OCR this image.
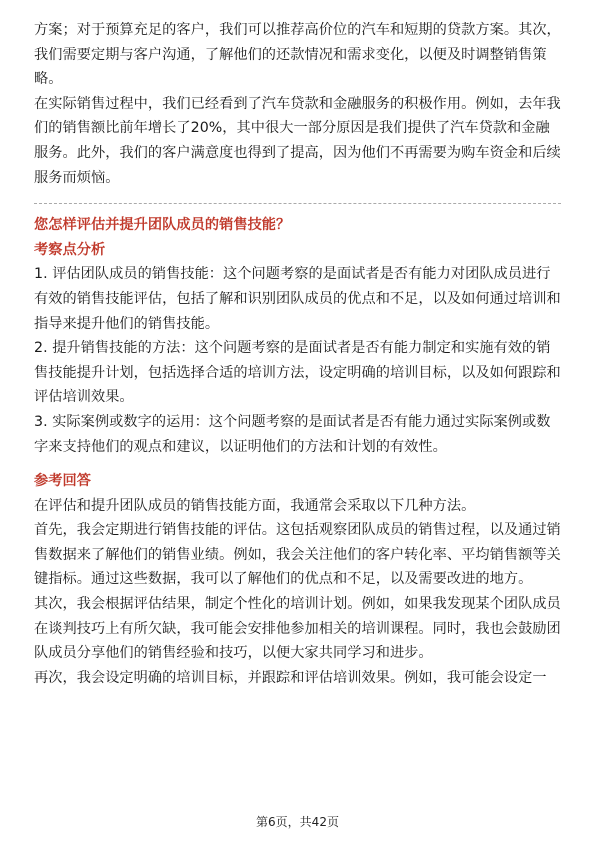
方案；对于预算充足的客户，我们可以推荐高价位的汽车和短期的贷款方案。其次，我们需要定期与客户沟通，了解他们的还款情况和需求变化，以便及时调整销售策略。

在实际销售过程中，我们已经看到了汽车贷款和金融服务的积极作用。例如，去年我们的销售额比前年增长了20%，其中很大一部分原因是我们提供了汽车贷款和金融服务。此外，我们的客户满意度也得到了提高，因为他们不再需要为购车资金和后续服务而烦恼。

您怎样评估并提升团队成员的销售技能？

考察点分析

1. 评估团队成员的销售技能：这个问题考察的是面试者是否有能力对团队成员进行有效的销售技能评估，包括了解和识别团队成员的优点和不足，以及如何通过培训和指导来提升他们的销售技能。

2. 提升销售技能的方法：这个问题考察的是面试者是否有能力制定和实施有效的销售技能提升计划，包括选择合适的培训方法，设定明确的培训目标，以及如何跟踪和评估培训效果。

3. 实际案例或数字的运用：这个问题考察的是面试者是否有能力通过实际案例或数字来支持他们的观点和建议，以证明他们的方法和计划的有效性。

参考回答

在评估和提升团队成员的销售技能方面，我通常会采取以下几种方法。

首先，我会定期进行销售技能的评估。这包括观察团队成员的销售过程，以及通过销售数据来了解他们的销售业绩。例如，我会关注他们的客户转化率、平均销售额等关键指标。通过这些数据，我可以了解他们的优点和不足，以及需要改进的地方。

其次，我会根据评估结果，制定个性化的培训计划。例如，如果我发现某个团队成员在谈判技巧上有所欠缺，我可能会安排他参加相关的培训课程。同时，我也会鼓励团队成员分享他们的销售经验和技巧，以便大家共同学习和进步。

再次，我会设定明确的培训目标，并跟踪和评估培训效果。例如，我可能会设定一

第6页，共42页
